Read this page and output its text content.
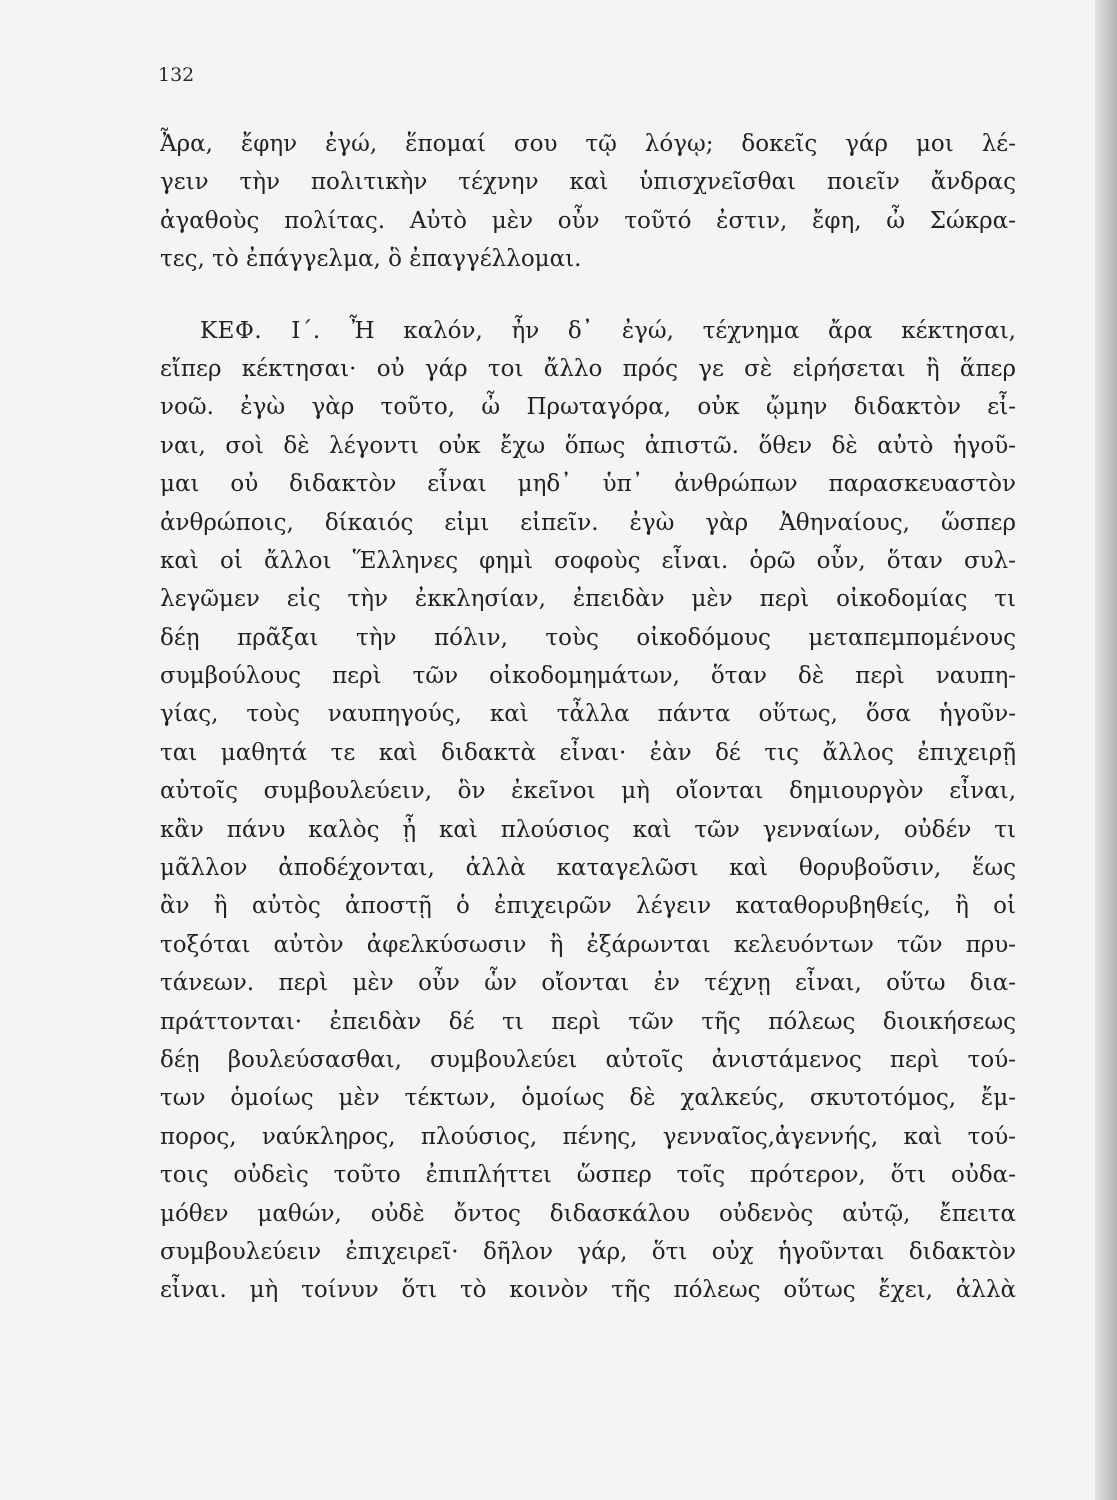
132
Ἆρα, ἔφην ἐγώ, ἕπομαί σου τῷ λόγῳ; δοκεῖς γάρ μοι λέ-
γειν τὴν πολιτικὴν τέχνην καὶ ὑπισχνεῖσθαι ποιεῖν ἄνδρας
ἀγαθοὺς πολίτας. Αὐτὸ μὲν οὖν τοῦτό ἐστιν, ἔφη, ὦ Σώκρα-
τες, τὸ ἐπάγγελμα, ὃ ἐπαγγέλλομαι.
ΚΕΦ. Ι΄. Ἦ καλόν, ἦν δ᾽ ἐγώ, τέχνημα ἄρα κέκτησαι,
εἴπερ κέκτησαι· οὐ γάρ τοι ἄλλο πρός γε σὲ εἰρήσεται ἢ ἅπερ
νοῶ. ἐγὼ γὰρ τοῦτο, ὦ Πρωταγόρα, οὐκ ᾤμην διδακτὸν εἶ-
ναι, σοὶ δὲ λέγοντι οὐκ ἔχω ὅπως ἀπιστῶ. ὅθεν δὲ αὐτὸ ἡγοῦ-
μαι οὐ διδακτὸν εἶναι μηδ᾽ ὑπ᾽ ἀνθρώπων παρασκευαστὸν
ἀνθρώποις, δίκαιός εἰμι εἰπεῖν. ἐγὼ γὰρ Ἀθηναίους, ὥσπερ
καὶ οἱ ἄλλοι Ἕλληνες φημὶ σοφοὺς εἶναι. ὁρῶ οὖν, ὅταν συλ-
λεγῶμεν εἰς τὴν ἐκκλησίαν, ἐπειδὰν μὲν περὶ οἰκοδομίας τι
δέῃ πρᾶξαι τὴν πόλιν, τοὺς οἰκοδόμους μεταπεμπομένους
συμβούλους περὶ τῶν οἰκοδομημάτων, ὅταν δὲ περὶ ναυπη-
γίας, τοὺς ναυπηγούς, καὶ τἆλλα πάντα οὕτως, ὅσα ἡγοῦν-
ται μαθητά τε καὶ διδακτὰ εἶναι· ἐὰν δέ τις ἄλλος ἐπιχειρῇ
αὐτοῖς συμβουλεύειν, ὃν ἐκεῖνοι μὴ οἴονται δημιουργὸν εἶναι,
κἂν πάνυ καλὸς ᾖ καὶ πλούσιος καὶ τῶν γενναίων, οὐδέν τι
μᾶλλον ἀποδέχονται, ἀλλὰ καταγελῶσι καὶ θορυβοῦσιν, ἕως
ἂν ἢ αὐτὸς ἀποστῇ ὁ ἐπιχειρῶν λέγειν καταθορυβηθείς, ἢ οἱ
τοξόται αὐτὸν ἀφελκύσωσιν ἢ ἐξάρωνται κελευόντων τῶν πρυ-
τάνεων. περὶ μὲν οὖν ὧν οἴονται ἐν τέχνῃ εἶναι, οὕτω δια-
πράττονται· ἐπειδὰν δέ τι περὶ τῶν τῆς πόλεως διοικήσεως
δέῃ βουλεύσασθαι, συμβουλεύει αὐτοῖς ἀνιστάμενος περὶ τού-
των ὁμοίως μὲν τέκτων, ὁμοίως δὲ χαλκεύς, σκυτοτόμος, ἔμ-
πορος, ναύκληρος, πλούσιος, πένης, γενναῖος,ἀγεννής, καὶ τού-
τοις οὐδεὶς τοῦτο ἐπιπλήττει ὥσπερ τοῖς πρότερον, ὅτι οὐδα-
μόθεν μαθών, οὐδὲ ὄντος διδασκάλου οὐδενὸς αὐτῷ, ἔπειτα
συμβουλεύειν ἐπιχειρεῖ· δῆλον γάρ, ὅτι οὐχ ἡγοῦνται διδακτὸν
εἶναι. μὴ τοίνυν ὅτι τὸ κοινὸν τῆς πόλεως οὕτως ἔχει, ἀλλὰ
